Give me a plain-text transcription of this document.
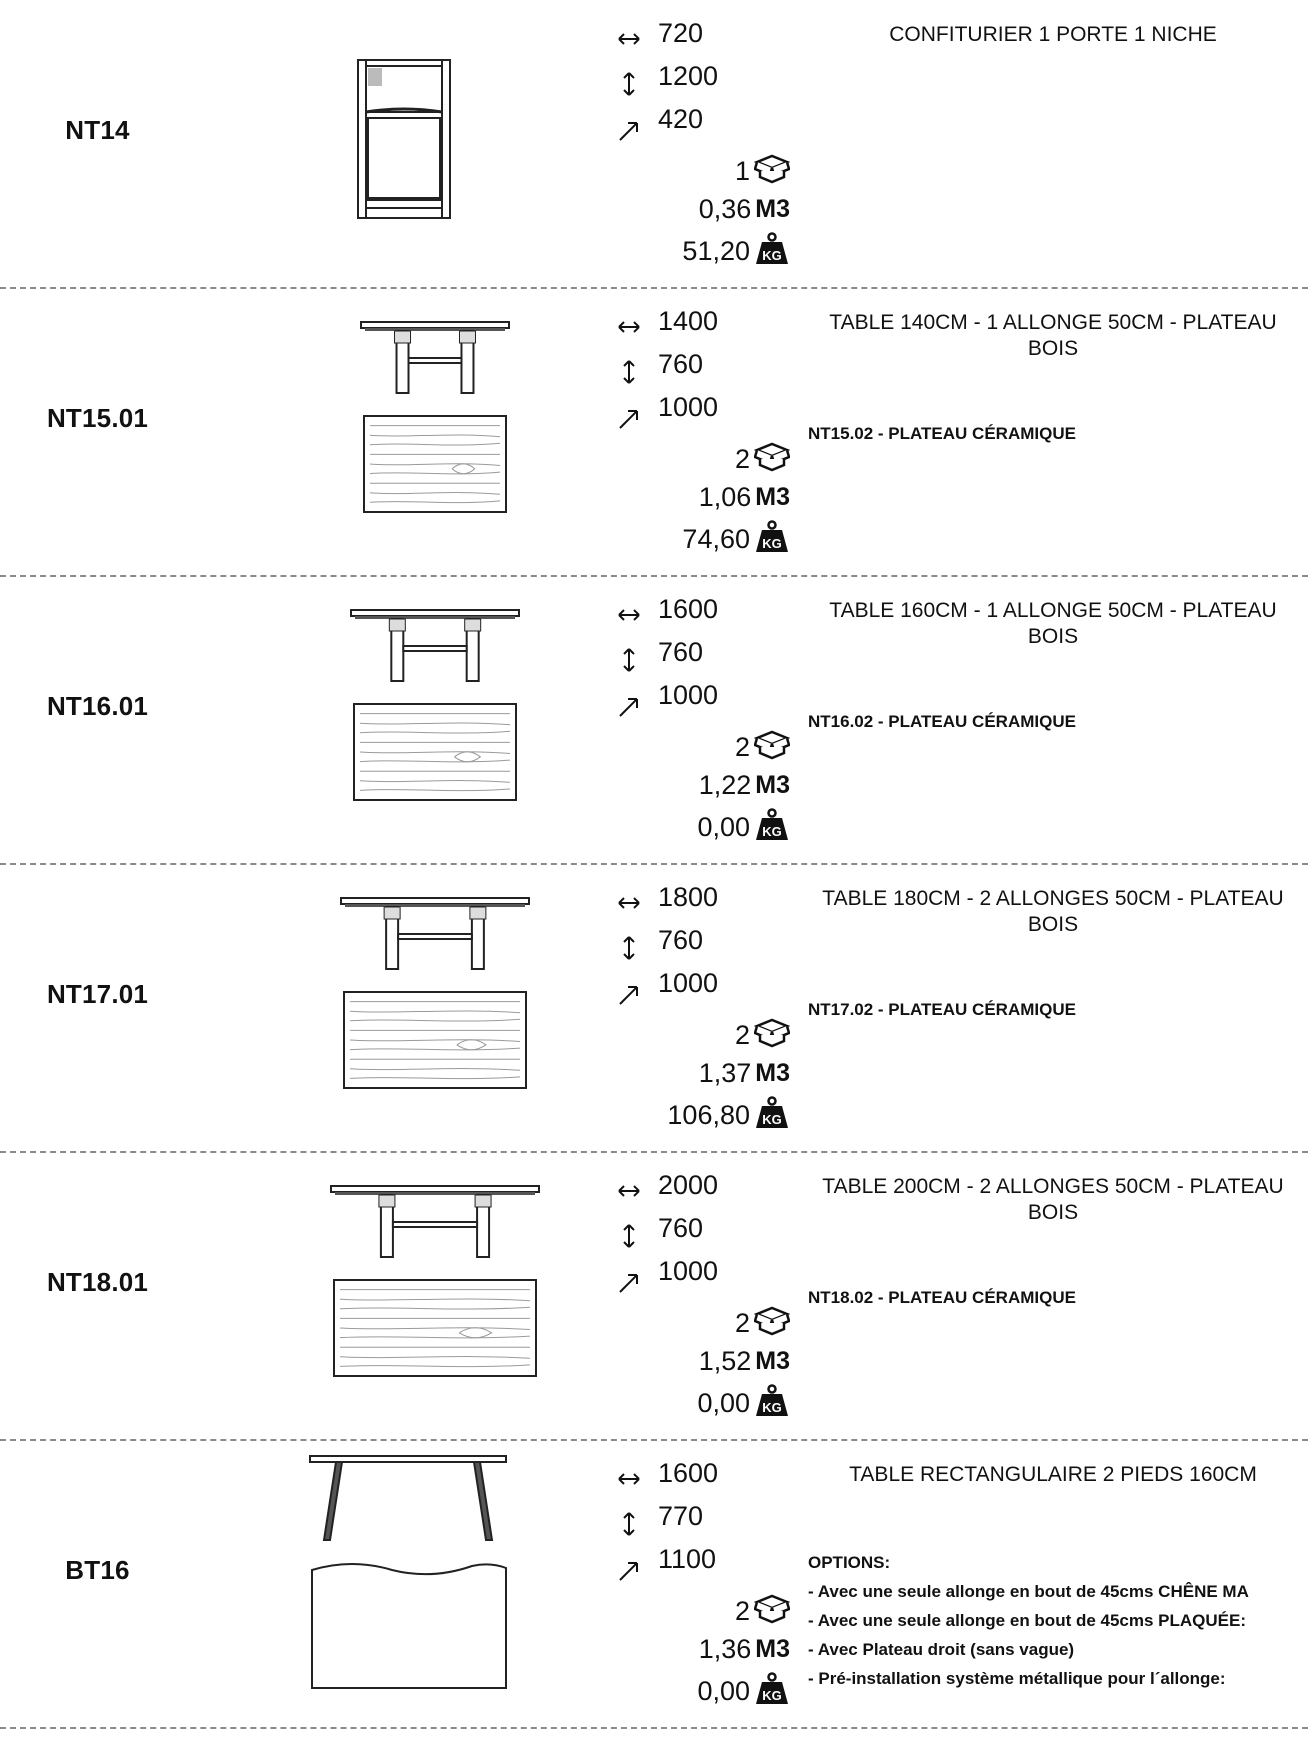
NT14
720
1200
420
1
0,36 M3
51,20 KG
CONFITURIER 1 PORTE 1 NICHE
NT15.01
1400
760
1000
2
1,06 M3
74,60 KG
TABLE 140CM - 1 ALLONGE 50CM - PLATEAU BOIS
NT15.02 - PLATEAU CÉRAMIQUE
NT16.01
1600
760
1000
2
1,22 M3
0,00 KG
TABLE 160CM - 1 ALLONGE 50CM - PLATEAU BOIS
NT16.02 - PLATEAU CÉRAMIQUE
NT17.01
1800
760
1000
2
1,37 M3
106,80 KG
TABLE 180CM - 2 ALLONGES 50CM - PLATEAU BOIS
NT17.02 - PLATEAU CÉRAMIQUE
NT18.01
2000
760
1000
2
1,52 M3
0,00 KG
TABLE 200CM - 2 ALLONGES 50CM - PLATEAU BOIS
NT18.02 - PLATEAU CÉRAMIQUE
BT16
1600
770
1100
2
1,36 M3
0,00 KG
TABLE RECTANGULAIRE 2 PIEDS 160CM
OPTIONS:
- Avec une seule allonge en bout de 45cms CHÊNE MA
- Avec une seule allonge en bout de 45cms PLAQUÉE:
- Avec Plateau droit (sans vague)
- Pré-installation système métallique pour l´allonge:
